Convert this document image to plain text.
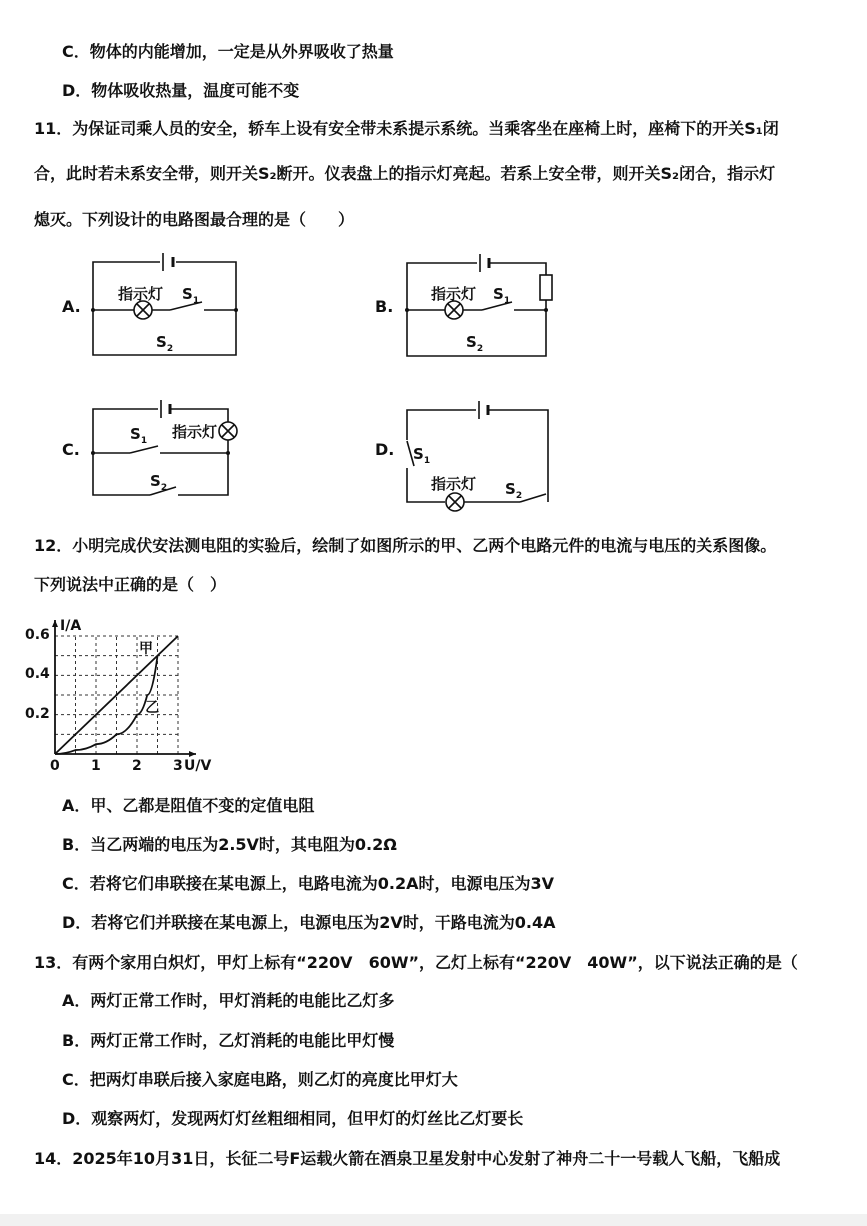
C．物体的内能增加，一定是从外界吸收了热量
D．物体吸收热量，温度可能不变
11．为保证司乘人员的安全，轿车上设有安全带未系提示系统。当乘客坐在座椅上时，座椅下的开关S₁闭
合，此时若未系安全带，则开关S₂断开。仪表盘上的指示灯亮起。若系上安全带，则开关S₂闭合，指示灯
熄灭。下列设计的电路图最合理的是（　　）
A.
指示灯 $S_1$
$S_2$
B.
指示灯 $S_1$
$S_2$
C.
指示灯
$S_1$
$S_2$
D. $S_1$
指示灯 $S_2$
12．小明完成伏安法测电阻的实验后，绘制了如图所示的甲、乙两个电路元件的电流与电压的关系图像。
下列说法中正确的是（　）
0 1 2 3
0.2
0.4
0.6
I/A
U/V
甲
乙
A．甲、乙都是阻值不变的定值电阻
B．当乙两端的电压为2.5V时，其电阻为0.2Ω
C．若将它们串联接在某电源上，电路电流为0.2A时，电源电压为3V
D．若将它们并联接在某电源上，电源电压为2V时，干路电流为0.4A
13．有两个家用白炽灯，甲灯上标有“220V　60W”，乙灯上标有“220V　40W”，以下说法正确的是（
A．两灯正常工作时，甲灯消耗的电能比乙灯多
B．两灯正常工作时，乙灯消耗的电能比甲灯慢
C．把两灯串联后接入家庭电路，则乙灯的亮度比甲灯大
D．观察两灯，发现两灯灯丝粗细相同，但甲灯的灯丝比乙灯要长
14．2025年10月31日，长征二号F运载火箭在酒泉卫星发射中心发射了神舟二十一号载人飞船，飞船成
